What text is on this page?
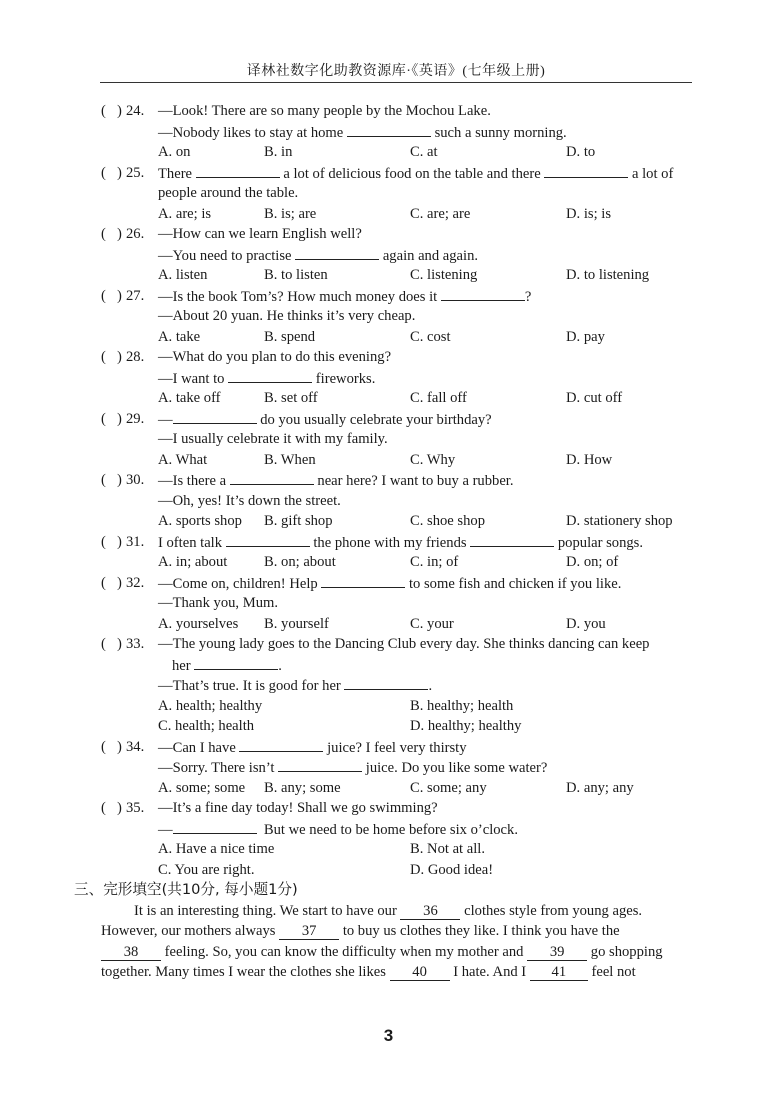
译林社数字化助教资源库·《英语》(七年级上册)
( ) 24. —Look! There are so many people by the Mochou Lake.
—Nobody likes to stay at home	such a sunny morning.
A. on	B. in	C. at	D. to
( ) 25. There	a lot of delicious food on the table and there	a lot of
people around the table.
A. are; is	B. is; are	C. are; are	D. is; is
( ) 26. —How can we learn English well?
—You need to practise	again and again.
A. listen	B. to listen	C. listening	D. to listening
( ) 27. —Is the book Tom’s? How much money does it	?
—About 20 yuan. He thinks it’s very cheap.
A. take	B. spend	C. cost	D. pay
( ) 28. —What do you plan to do this evening?
—I want to	fireworks.
A. take off	B. set off	C. fall off	D. cut off
( ) 29. —	do you usually celebrate your birthday?
—I usually celebrate it with my family.
A. What	B. When	C. Why	D. How
( ) 30. —Is there a	near here? I want to buy a rubber.
—Oh, yes! It’s down the street.
A. sports shop B. gift shop	C. shoe shop	D. stationery shop
( ) 31. I often talk	the phone with my friends	popular songs.
A. in; about	B. on; about	C. in; of	D. on; of
( ) 32. —Come on, children! Help	to some fish and chicken if you like.
—Thank you, Mum.
A. yourselves B. yourself	C. your	D. you
( ) 33. —The young lady goes to the Dancing Club every day. She thinks dancing can keep
her	.
—That’s true. It is good for her	.
A. health; healthy	B. healthy; health
C. health; health	D. healthy; healthy
( ) 34. —Can I have	juice? I feel very thirsty
—Sorry. There isn’t	juice. Do you like some water?
A. some; some B. any; some	C. some; any	D. any; any
( ) 35. —It’s a fine day today! Shall we go swimming?
—	But we need to be home before six o’clock.
A. Have a nice time	B. Not at all.
C. You are right.	D. Good idea!
三、完形填空(共10分, 每小题1分)
It is an interesting thing. We start to have our 36 clothes style from young ages.
However, our mothers always 37 to buy us clothes they like. I think you have the
38 feeling. So, you can know the difficulty when my mother and 39 go shopping
together. Many times I wear the clothes she likes 40 I hate. And I 41 feel not
3
